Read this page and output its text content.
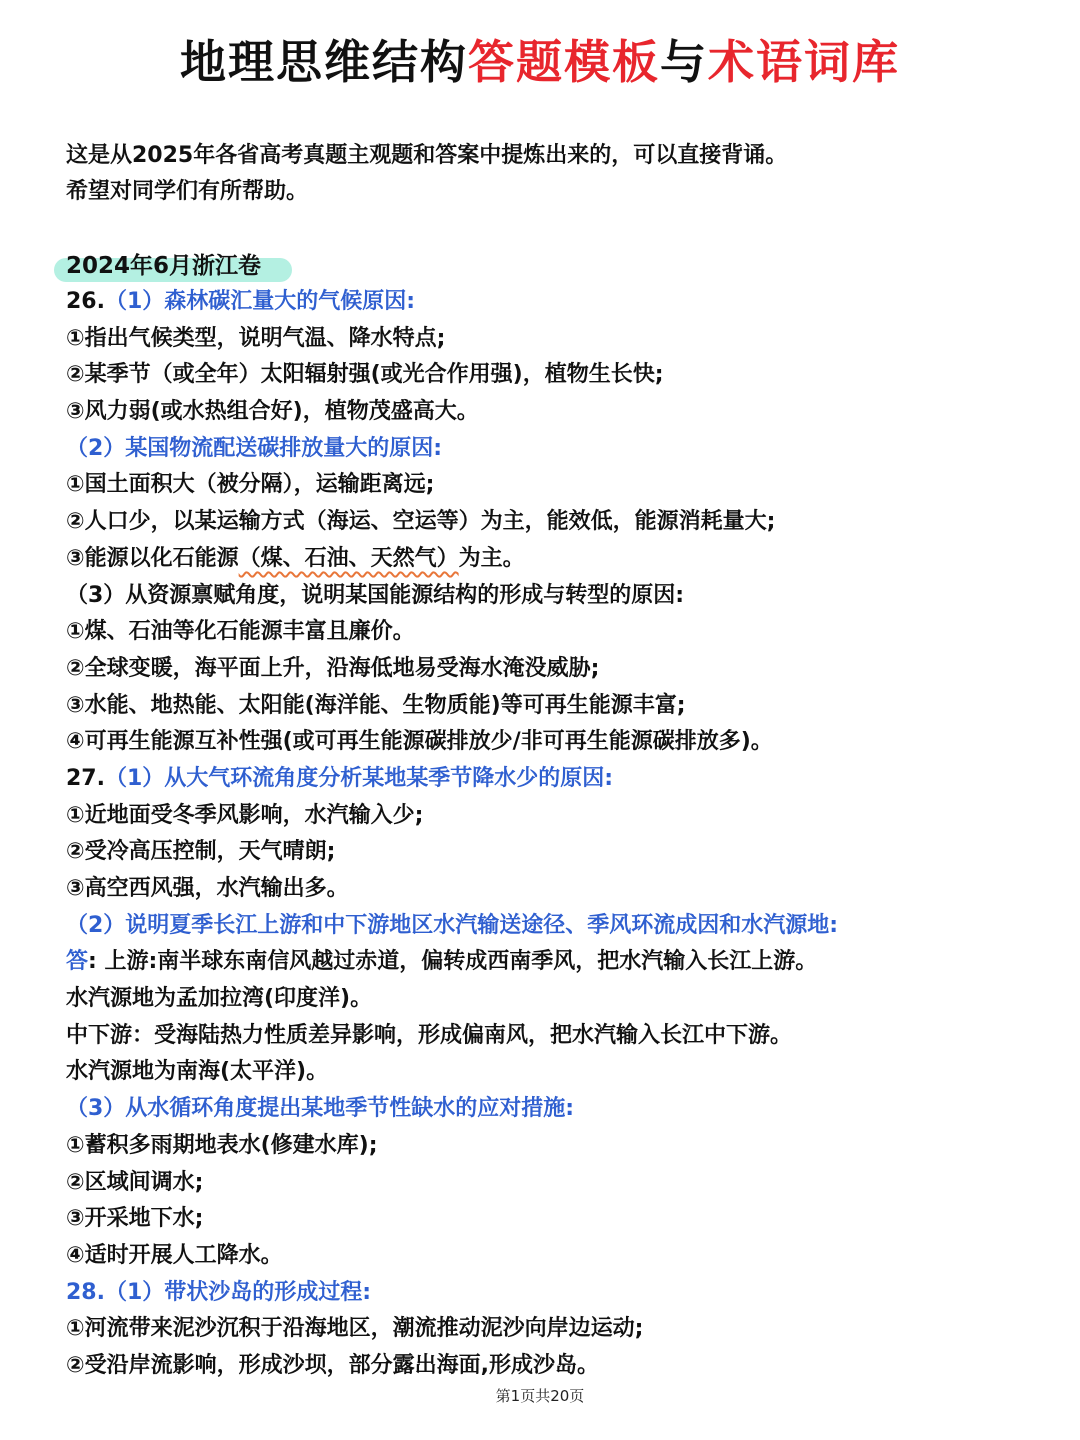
地理思维结构答题模板与术语词库
这是从2025年各省高考真题主观题和答案中提炼出来的，可以直接背诵。
希望对同学们有所帮助。
2024年6月浙江卷
26.（1）森林碳汇量大的气候原因:
①指出气候类型，说明气温、降水特点;
②某季节（或全年）太阳辐射强(或光合作用强)，植物生长快;
③风力弱(或水热组合好)，植物茂盛高大。
（2）某国物流配送碳排放量大的原因:
①国土面积大（被分隔），运输距离远;
②人口少，以某运输方式（海运、空运等）为主，能效低，能源消耗量大;
③能源以化石能源（煤、石油、天然气）为主。
（3）从资源禀赋角度，说明某国能源结构的形成与转型的原因:
①煤、石油等化石能源丰富且廉价。
②全球变暖，海平面上升，沿海低地易受海水淹没威胁;
③水能、地热能、太阳能(海洋能、生物质能)等可再生能源丰富;
④可再生能源互补性强(或可再生能源碳排放少/非可再生能源碳排放多)。
27.（1）从大气环流角度分析某地某季节降水少的原因:
①近地面受冬季风影响，水汽输入少;
②受冷高压控制，天气晴朗;
③高空西风强，水汽输出多。
（2）说明夏季长江上游和中下游地区水汽输送途径、季风环流成因和水汽源地:
答: 上游:南半球东南信风越过赤道，偏转成西南季风，把水汽输入长江上游。
水汽源地为孟加拉湾(印度洋)。
中下游：受海陆热力性质差异影响，形成偏南风，把水汽输入长江中下游。
水汽源地为南海(太平洋)。
（3）从水循环角度提出某地季节性缺水的应对措施:
①蓄积多雨期地表水(修建水库);
②区域间调水;
③开采地下水;
④适时开展人工降水。
28.（1）带状沙岛的形成过程:
①河流带来泥沙沉积于沿海地区，潮流推动泥沙向岸边运动;
②受沿岸流影响，形成沙坝，部分露出海面,形成沙岛。
第1页共20页
